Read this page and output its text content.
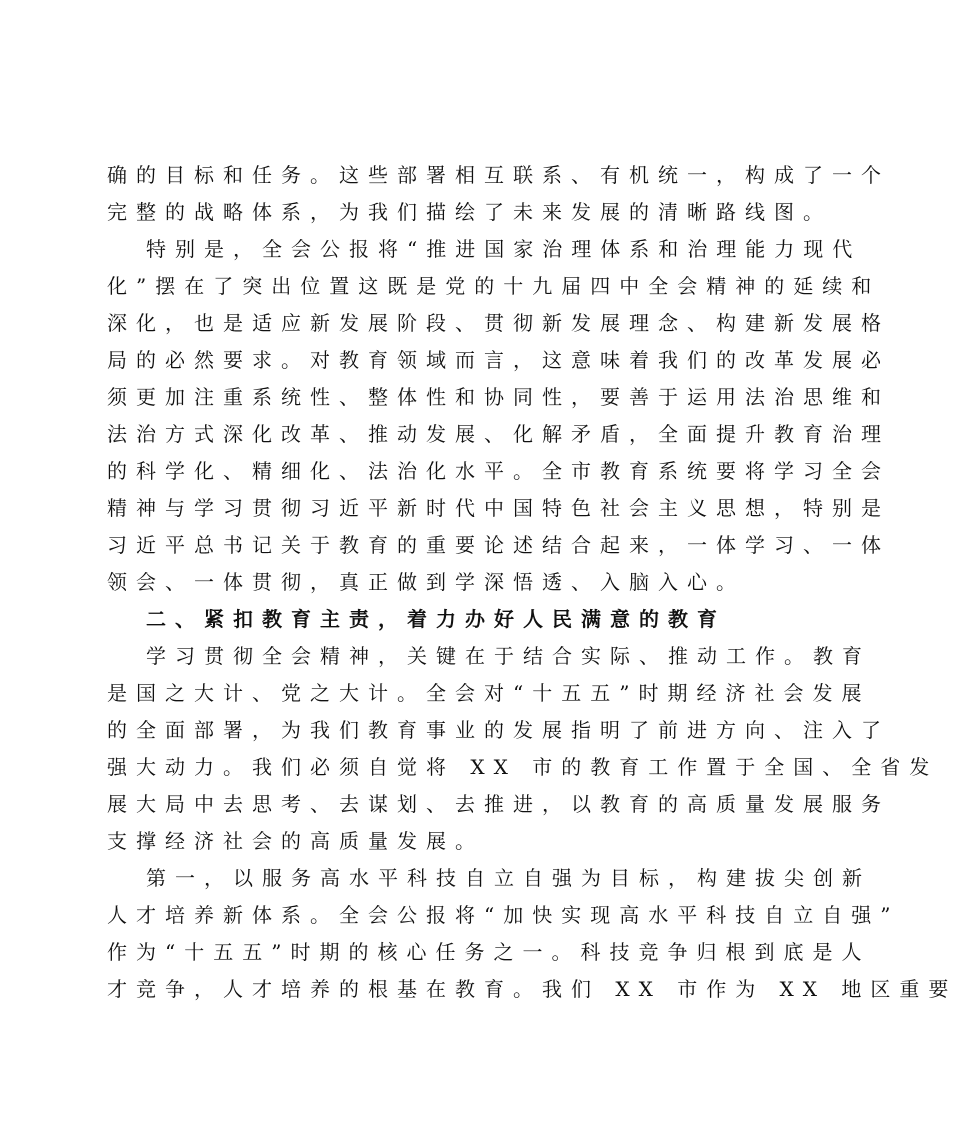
确的目标和任务。这些部署相互联系、有机统一，构成了一个
完整的战略体系，为我们描绘了未来发展的清晰路线图。
特别是，全会公报将“推进国家治理体系和治理能力现代
化”摆在了突出位置这既是党的十九届四中全会精神的延续和
深化，也是适应新发展阶段、贯彻新发展理念、构建新发展格
局的必然要求。对教育领域而言，这意味着我们的改革发展必
须更加注重系统性、整体性和协同性，要善于运用法治思维和
法治方式深化改革、推动发展、化解矛盾，全面提升教育治理
的科学化、精细化、法治化水平。全市教育系统要将学习全会
精神与学习贯彻习近平新时代中国特色社会主义思想，特别是
习近平总书记关于教育的重要论述结合起来，一体学习、一体
领会、一体贯彻，真正做到学深悟透、入脑入心。
二、紧扣教育主责，着力办好人民满意的教育
学习贯彻全会精神，关键在于结合实际、推动工作。教育
是国之大计、党之大计。全会对“十五五”时期经济社会发展
的全面部署，为我们教育事业的发展指明了前进方向、注入了
强大动力。我们必须自觉将 XX 市的教育工作置于全国、全省发
展大局中去思考、去谋划、去推进，以教育的高质量发展服务
支撑经济社会的高质量发展。
第一，以服务高水平科技自立自强为目标，构建拔尖创新
人才培养新体系。全会公报将“加快实现高水平科技自立自强”
作为“十五五”时期的核心任务之一。科技竞争归根到底是人
才竞争，人才培养的根基在教育。我们 XX 市作为 XX 地区重要
